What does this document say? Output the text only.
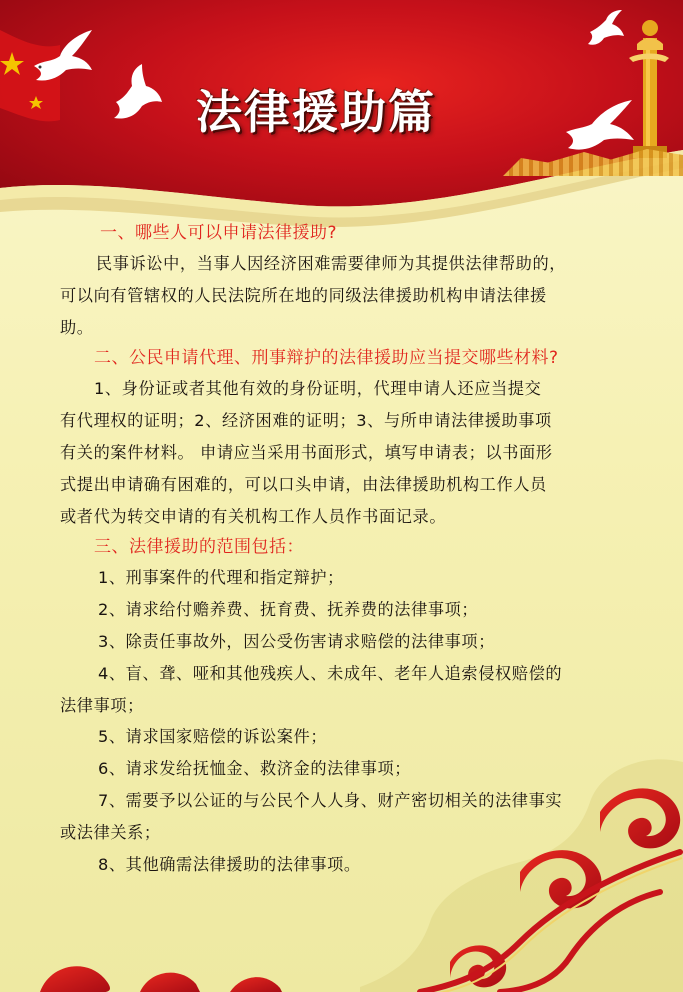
法律援助篇
一、哪些人可以申请法律援助?
民事诉讼中，当事人因经济困难需要律师为其提供法律帮助的，
可以向有管辖权的人民法院所在地的同级法律援助机构申请法律援
助。
二、公民申请代理、刑事辩护的法律援助应当提交哪些材料?
1、身份证或者其他有效的身份证明，代理申请人还应当提交
有代理权的证明；2、经济困难的证明；3、与所申请法律援助事项
有关的案件材料。 申请应当采用书面形式，填写申请表；以书面形
式提出申请确有困难的，可以口头申请，由法律援助机构工作人员
或者代为转交申请的有关机构工作人员作书面记录。
三、法律援助的范围包括：
1、刑事案件的代理和指定辩护；
2、请求给付赡养费、抚育费、抚养费的法律事项；
3、除责任事故外，因公受伤害请求赔偿的法律事项；
4、盲、聋、哑和其他残疾人、未成年、老年人追索侵权赔偿的
法律事项；
5、请求国家赔偿的诉讼案件；
6、请求发给抚恤金、救济金的法律事项；
7、需要予以公证的与公民个人人身、财产密切相关的法律事实
或法律关系；
8、其他确需法律援助的法律事项。
